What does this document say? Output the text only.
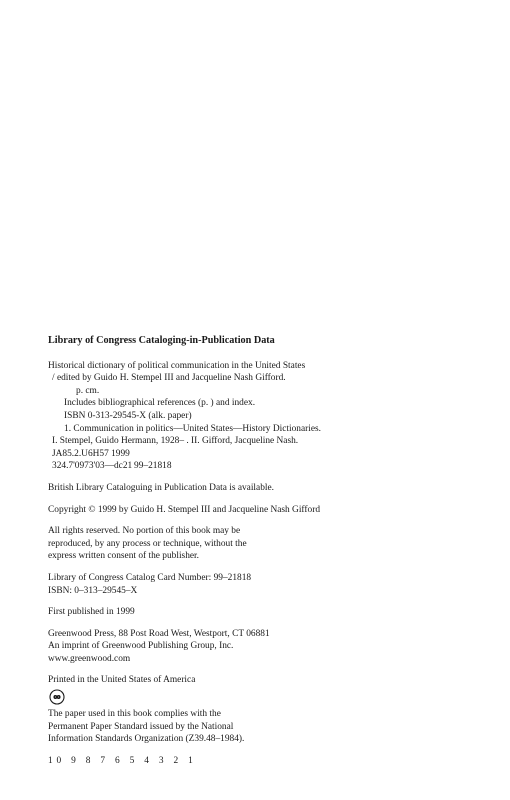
Library of Congress Cataloging-in-Publication Data
Historical dictionary of political communication in the United States
/ edited by Guido H. Stempel III and Jacqueline Nash Gifford.
p. cm.
Includes bibliographical references (p. ) and index.
ISBN 0-313-29545-X (alk. paper)
1. Communication in politics—United States—History Dictionaries.
I. Stempel, Guido Hermann, 1928– . II. Gifford, Jacqueline Nash.
JA85.2.U6H57 1999
324.7'0973'03—dc21 99–21818
British Library Cataloguing in Publication Data is available.
Copyright © 1999 by Guido H. Stempel III and Jacqueline Nash Gifford
All rights reserved. No portion of this book may be
reproduced, by any process or technique, without the
express written consent of the publisher.
Library of Congress Catalog Card Number: 99–21818
ISBN: 0–313–29545–X
First published in 1999
Greenwood Press, 88 Post Road West, Westport, CT 06881
An imprint of Greenwood Publishing Group, Inc.
www.greenwood.com
Printed in the United States of America
The paper used in this book complies with the
Permanent Paper Standard issued by the National
Information Standards Organization (Z39.48–1984).
10 9 8 7 6 5 4 3 2 1
